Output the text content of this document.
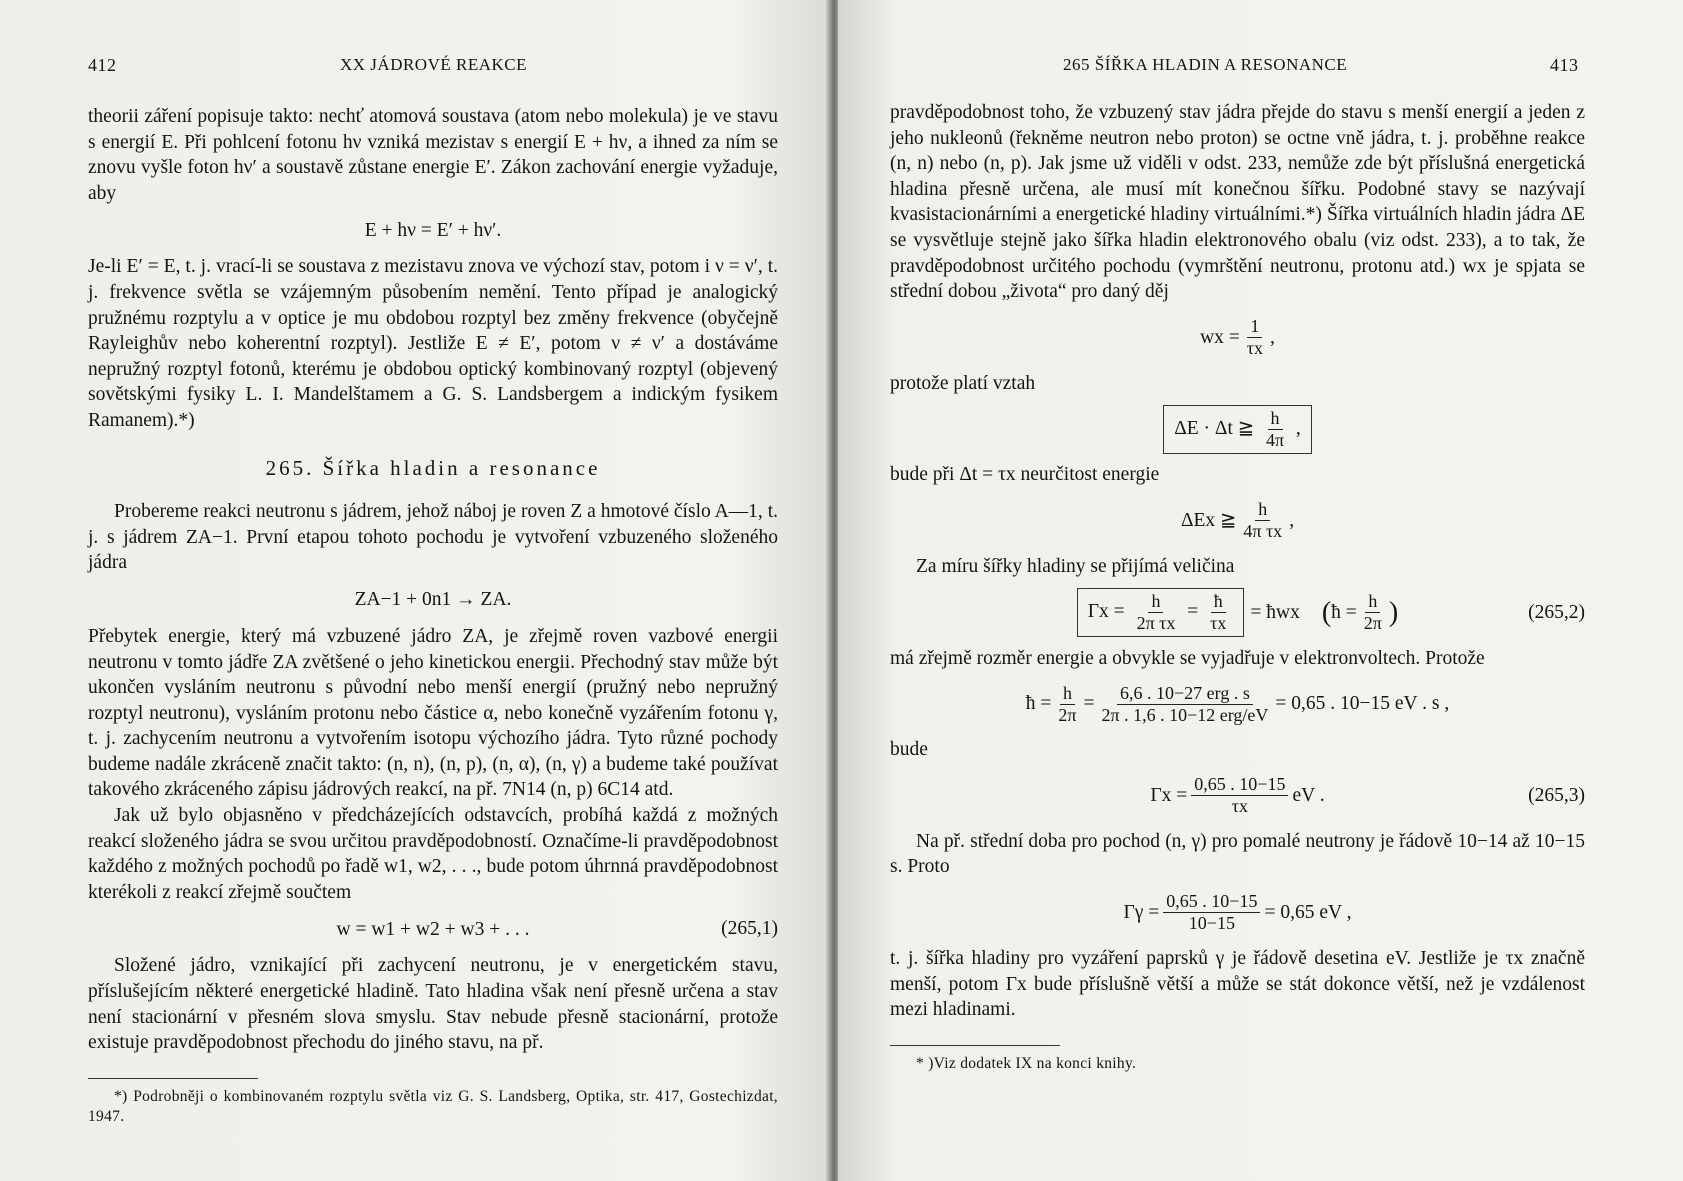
412	XX JÁDROVÉ REAKCE

theorii záření popisuje takto: nechť atomová soustava (atom nebo molekula) je ve stavu s energií E. Při pohlcení fotonu hν vzniká mezistav s energií E + hν, a ihned za ním se znovu vyšle foton hν′ a soustavě zůstane energie E′. Zákon zachování energie vyžaduje, aby

E + hν = E′ + hν′.

Je-li E′ = E, t. j. vrací-li se soustava z mezistavu znova ve výchozí stav, potom i ν = ν′, t. j. frekvence světla se vzájemným působením nemění. Tento případ je analogický pružnému rozptylu a v optice je mu obdobou rozptyl bez změny frekvence (obyčejně Rayleighův nebo koherentní rozptyl). Jestliže E ≠ E′, potom ν ≠ ν′ a dostáváme nepružný rozptyl fotonů, kterému je obdobou optický kombinovaný rozptyl (objevený sovětskými fysiky L. I. Mandelštamem a G. S. Landsbergem a indickým fysikem Ramanem).*)

265. Šířka hladin a resonance

Probereme reakci neutronu s jádrem, jehož náboj je roven Z a hmotové číslo A—1, t. j. s jádrem ZA−1. První etapou tohoto pochodu je vytvoření vzbuzeného složeného jádra

ZA−1 + 0n1 → ZA.

Přebytek energie, který má vzbuzené jádro ZA, je zřejmě roven vazbové energii neutronu v tomto jádře ZA zvětšené o jeho kinetickou energii. Přechodný stav může být ukončen vysláním neutronu s původní nebo menší energií (pružný nebo nepružný rozptyl neutronu), vysláním protonu nebo částice α, nebo konečně vyzářením fotonu γ, t. j. zachycením neutronu a vytvořením isotopu výchozího jádra. Tyto různé pochody budeme nadále zkráceně značit takto: (n, n), (n, p), (n, α), (n, γ) a budeme také používat takového zkráceného zápisu jádrových reakcí, na př. 7N14 (n, p) 6C14 atd.

Jak už bylo objasněno v předcházejících odstavcích, probíhá každá z možných reakcí složeného jádra se svou určitou pravděpodobností. Označíme-li pravděpodobnost každého z možných pochodů po řadě w1, w2, . . ., bude potom úhrnná pravděpodobnost kterékoli z reakcí zřejmě součtem

w = w1 + w2 + w3 + . . .	(265,1)

Složené jádro, vznikající při zachycení neutronu, je v energetickém stavu, příslušejícím některé energetické hladině. Tato hladina však není přesně určena a stav není stacionární v přesném slova smyslu. Stav nebude přesně stacionární, protože existuje pravděpodobnost přechodu do jiného stavu, na př.

*) Podrobněji o kombinovaném rozptylu světla viz G. S. Landsberg, Optika, str. 417, Gostechizdat, 1947.

265 ŠÍŘKA HLADIN A RESONANCE	413

pravděpodobnost toho, že vzbuzený stav jádra přejde do stavu s menší energií a jeden z jeho nukleonů (řekněme neutron nebo proton) se octne vně jádra, t. j. proběhne reakce (n, n) nebo (n, p). Jak jsme už viděli v odst. 233, nemůže zde být příslušná energetická hladina přesně určena, ale musí mít konečnou šířku. Podobné stavy se nazývají kvasistacionárními a energetické hladiny virtuálními.*) Šířka virtuálních hladin jádra ΔE se vysvětluje stejně jako šířka hladin elektronového obalu (viz odst. 233), a to tak, že pravděpodobnost určitého pochodu (vymrštění neutronu, protonu atd.) wx je spjata se střední dobou „života“ pro daný děj

wx = $\frac{1}{\tau x}$ ,

protože platí vztah

ΔE · Δt ≧ $\frac{h}{4\pi}$ ,

bude při Δt = τx neurčitost energie

ΔEx ≧ $\frac{h}{\text{4π τx}}$ ,

Za míru šířky hladiny se přijímá veličina

$\Gamma x = \frac{h}{\text{2π τx}} = \frac{ħ}{\tau x}$ = ħwx ( ħ = $\frac{h}{2\pi}$ )	(265,2)

má zřejmě rozměr energie a obvykle se vyjadřuje v elektronvoltech. Protože

ħ = $\frac{h}{2\pi} = \frac{\text{6,6 . 10−27 erg . s}}{\text{2π . 1,6 . 10−12 erg/eV}} = 0,65$ . 10−15 eV . s ,

bude

$\Gamma x = \frac{0,65 . 10-15}{\tau x}$ eV .	(265,3)

Na př. střední doba pro pochod (n, γ) pro pomalé neutrony je řádově 10−14 až 10−15 s. Proto

$\Gamma\gamma = \frac{0,65 . 10-15}{10-15} = 0,65$ eV ,

t. j. šířka hladiny pro vyzáření paprsků γ je řádově desetina eV. Jestliže je τx značně menší, potom Γx bude příslušně větší a může se stát dokonce větší, než je vzdálenost mezi hladinami.

* )Viz dodatek IX na konci knihy.
